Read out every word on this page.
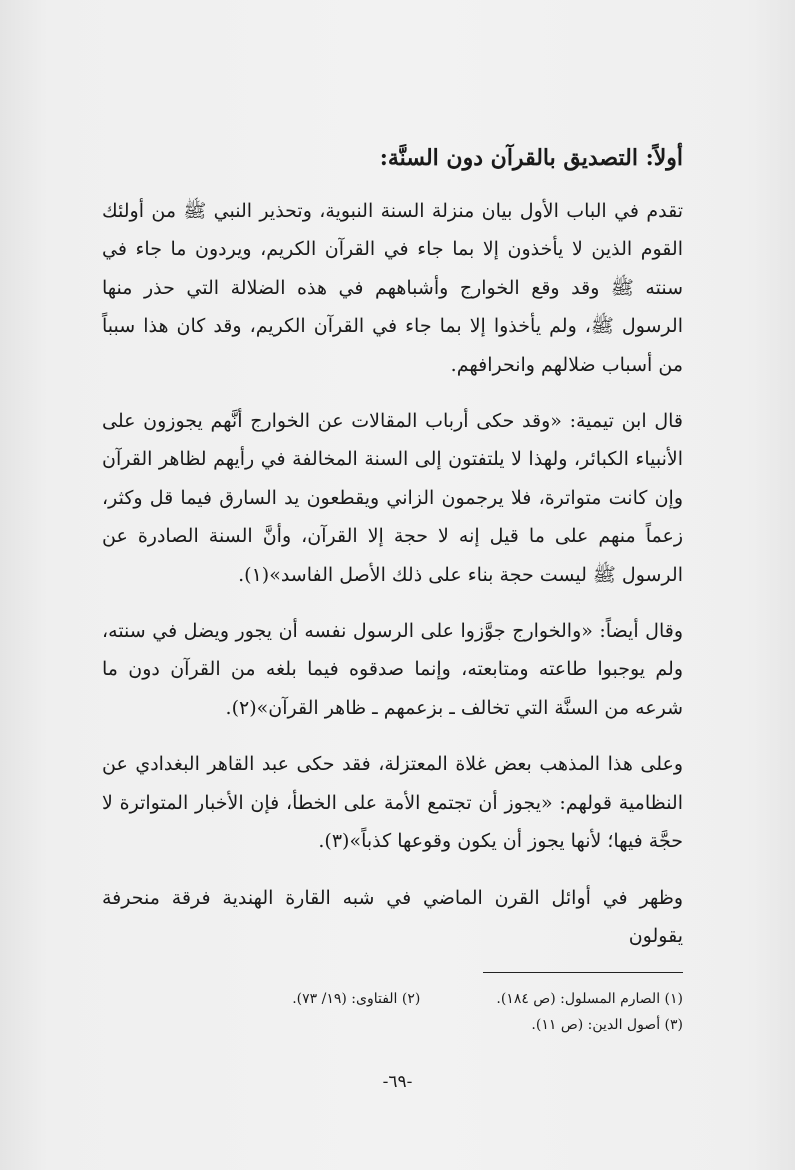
أولاً: التصديق بالقرآن دون السنَّة:

تقدم في الباب الأول بيان منزلة السنة النبوية، وتحذير النبي ﷺ من أولئك القوم الذين لا يأخذون إلا بما جاء في القرآن الكريم، ويردون ما جاء في سنته ﷺ وقد وقع الخوارج وأشباههم في هذه الضلالة التي حذر منها الرسول ﷺ، ولم يأخذوا إلا بما جاء في القرآن الكريم، وقد كان هذا سبباً من أسباب ضلالهم وانحرافهم.

قال ابن تيمية: «وقد حكى أرباب المقالات عن الخوارج أنَّهم يجوزون على الأنبياء الكبائر، ولهذا لا يلتفتون إلى السنة المخالفة في رأيهم لظاهر القرآن وإن كانت متواترة، فلا يرجمون الزاني ويقطعون يد السارق فيما قل وكثر، زعماً منهم على ما قيل إنه لا حجة إلا القرآن، وأنَّ السنة الصادرة عن الرسول ﷺ ليست حجة بناء على ذلك الأصل الفاسد»(١).

وقال أيضاً: «والخوارج جوَّزوا على الرسول نفسه أن يجور ويضل في سنته، ولم يوجبوا طاعته ومتابعته، وإنما صدقوه فيما بلغه من القرآن دون ما شرعه من السنَّة التي تخالف ـ بزعمهم ـ ظاهر القرآن»(٢).

وعلى هذا المذهب بعض غلاة المعتزلة، فقد حكى عبد القاهر البغدادي عن النظامية قولهم: «يجوز أن تجتمع الأمة على الخطأ، فإن الأخبار المتواترة لا حجَّة فيها؛ لأنها يجوز أن يكون وقوعها كذباً»(٣).

وظهر في أوائل القرن الماضي في شبه القارة الهندية فرقة منحرفة يقولون

(١) الصارم المسلول: (ص ١٨٤).
(٢) الفتاوى: (١٩/ ٧٣).
(٣) أصول الدين: (ص ١١).
-٦٩-
